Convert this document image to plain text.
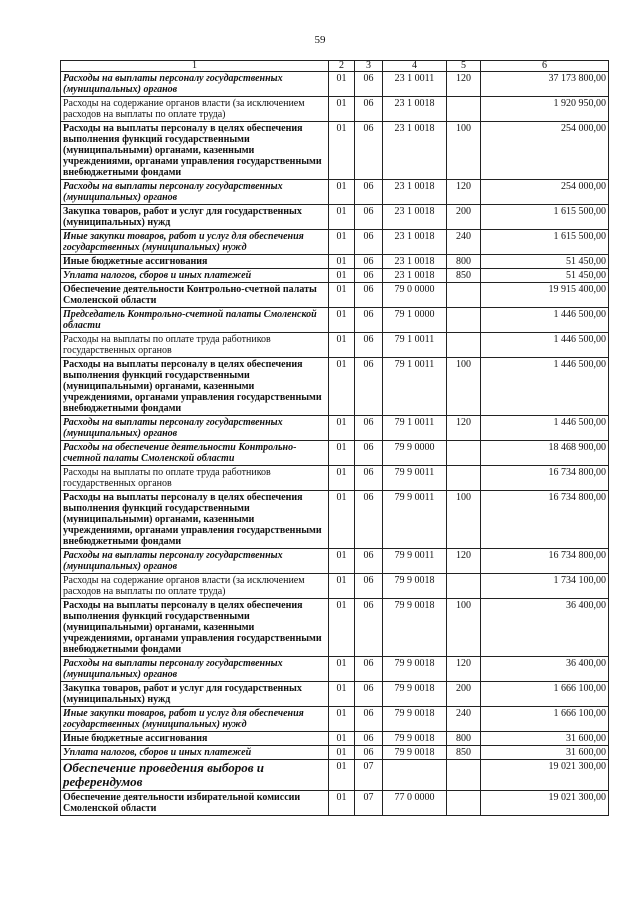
59
1	2	3	4	5	6
Расходы на выплаты персоналу государственных (муниципальных) органов	01	06	23 1 0011	120	37 173 800,00
Расходы на содержание органов власти (за исключением расходов на выплаты по оплате труда)	01	06	23 1 0018		1 920 950,00
Расходы на выплаты персоналу в целях обеспечения выполнения функций государственными (муниципальными) органами, казенными учреждениями, органами управления государственными внебюджетными фондами	01	06	23 1 0018	100	254 000,00
Расходы на выплаты персоналу государственных (муниципальных) органов	01	06	23 1 0018	120	254 000,00
Закупка товаров, работ и услуг для государственных (муниципальных) нужд	01	06	23 1 0018	200	1 615 500,00
Иные закупки товаров, работ и услуг для обеспечения государственных (муниципальных) нужд	01	06	23 1 0018	240	1 615 500,00
Иные бюджетные ассигнования	01	06	23 1 0018	800	51 450,00
Уплата налогов, сборов и иных платежей	01	06	23 1 0018	850	51 450,00
Обеспечение деятельности Контрольно-счетной палаты Смоленской области	01	06	79 0 0000		19 915 400,00
Председатель Контрольно-счетной палаты Смоленской области	01	06	79 1 0000		1 446 500,00
Расходы на выплаты по оплате труда работников государственных органов	01	06	79 1 0011		1 446 500,00
Расходы на выплаты персоналу в целях обеспечения выполнения функций государственными (муниципальными) органами, казенными учреждениями, органами управления государственными внебюджетными фондами	01	06	79 1 0011	100	1 446 500,00
Расходы на выплаты персоналу государственных (муниципальных) органов	01	06	79 1 0011	120	1 446 500,00
Расходы на обеспечение деятельности Контрольно-счетной палаты Смоленской области	01	06	79 9 0000		18 468 900,00
Расходы на выплаты по оплате труда работников государственных органов	01	06	79 9 0011		16 734 800,00
Расходы на выплаты персоналу в целях обеспечения выполнения функций государственными (муниципальными) органами, казенными учреждениями, органами управления государственными внебюджетными фондами	01	06	79 9 0011	100	16 734 800,00
Расходы на выплаты персоналу государственных (муниципальных) органов	01	06	79 9 0011	120	16 734 800,00
Расходы на содержание органов власти (за исключением расходов на выплаты по оплате труда)	01	06	79 9 0018		1 734 100,00
Расходы на выплаты персоналу в целях обеспечения выполнения функций государственными (муниципальными) органами, казенными учреждениями, органами управления государственными внебюджетными фондами	01	06	79 9 0018	100	36 400,00
Расходы на выплаты персоналу государственных (муниципальных) органов	01	06	79 9 0018	120	36 400,00
Закупка товаров, работ и услуг для государственных (муниципальных) нужд	01	06	79 9 0018	200	1 666 100,00
Иные закупки товаров, работ и услуг для обеспечения государственных (муниципальных) нужд	01	06	79 9 0018	240	1 666 100,00
Иные бюджетные ассигнования	01	06	79 9 0018	800	31 600,00
Уплата налогов, сборов и иных платежей	01	06	79 9 0018	850	31 600,00
Обеспечение проведения выборов и референдумов	01	07			19 021 300,00
Обеспечение деятельности избирательной комиссии Смоленской области	01	07	77 0 0000		19 021 300,00
